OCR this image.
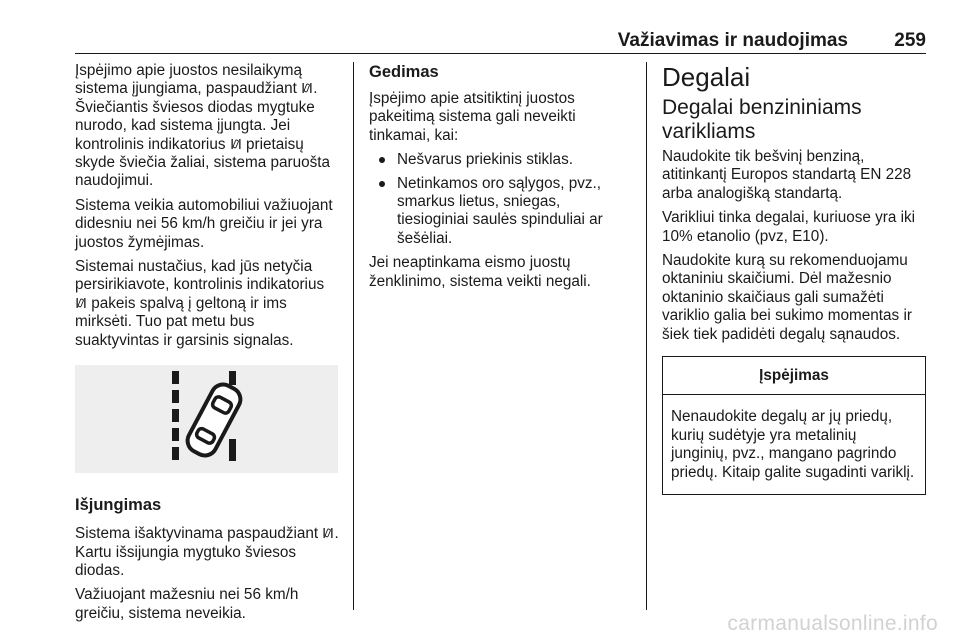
Važiavimas ir naudojimas 259

Įspėjimo apie juostos nesilaikymą sistema įjungiama, paspaudžiant . Šviečiantis šviesos diodas mygtuke nurodo, kad sistema įjungta. Jei kontrolinis indikatorius prietaisų skyde šviečia žaliai, sistema paruošta naudojimui.

Sistema veikia automobiliui važiuojant didesniu nei 56 km/h greičiu ir jei yra juostos žymėjimas.

Sistemai nustačius, kad jūs netyčia persirikiavote, kontrolinis indikatorius  pakeis spalvą į geltoną ir ims mirksėti. Tuo pat metu bus suaktyvintas ir garsinis signalas.

Išjungimas

Sistema išaktyvinama paspaudžiant . Kartu išsijungia mygtuko šviesos diodas.

Važiuojant mažesniu nei 56 km/h greičiu, sistema neveikia.

Gedimas

Įspėjimo apie atsitiktinį juostos pakeitimą sistema gali neveikti tinkamai, kai:

Nešvarus priekinis stiklas.
Netinkamos oro sąlygos, pvz., smarkus lietus, sniegas, tiesioginiai saulės spinduliai ar šešėliai.

Jei neaptinkama eismo juostų ženklinimo, sistema veikti negali.

Degalai
Degalai benzininiams varikliams

Naudokite tik bešvinį benziną, atitinkantį Europos standartą EN 228 arba analogišką standartą.

Varikliui tinka degalai, kuriuose yra iki 10% etanolio (pvz, E10).

Naudokite kurą su rekomenduojamu oktaniniu skaičiumi. Dėl mažesnio oktaninio skaičiaus gali sumažėti variklio galia bei sukimo momentas ir šiek tiek padidėti degalų sąnaudos.

Įspėjimas
Nenaudokite degalų ar jų priedų, kurių sudėtyje yra metalinių junginių, pvz., mangano pagrindo priedų. Kitaip galite sugadinti variklį.
carmanualsonline.info
